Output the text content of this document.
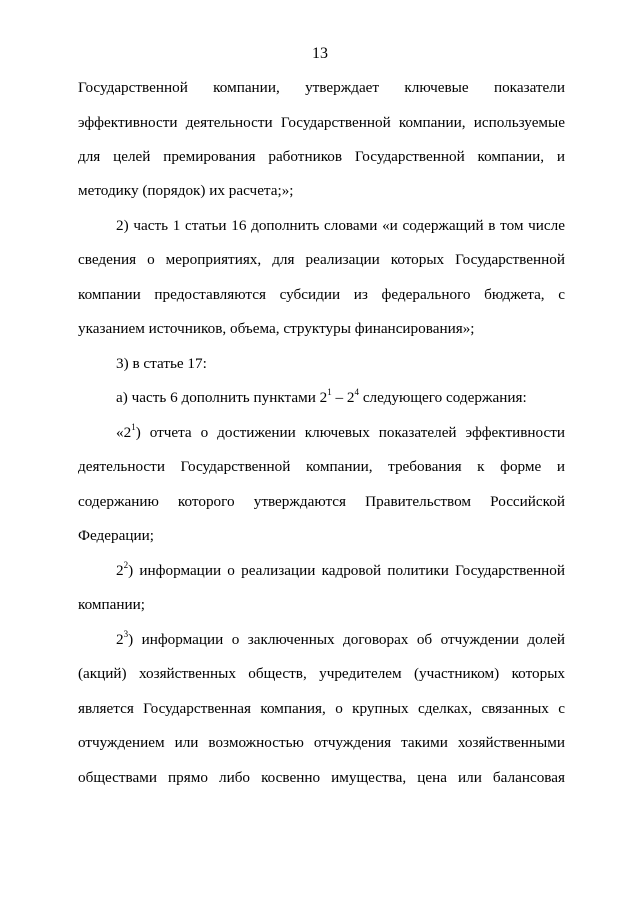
13
Государственной компании, утверждает ключевые показатели
эффективности деятельности Государственной компании, используемые
для целей премирования работников Государственной компании, и
методику (порядок) их расчета;»;
2) часть 1 статьи 16 дополнить словами «и содержащий в том числе
сведения о мероприятиях, для реализации которых Государственной
компании предоставляются субсидии из федерального бюджета, с
указанием источников, объема, структуры финансирования»;
3) в статье 17:
а) часть 6 дополнить пунктами $2^1 - 2^4$ следующего содержания:
«$2^1$) отчета о достижении ключевых показателей эффективности
деятельности Государственной компании, требования к форме и
содержанию которого утверждаются Правительством Российской
Федерации;
$2^2$) информации о реализации кадровой политики Государственной
компании;
$2^3$) информации о заключенных договорах об отчуждении долей
(акций) хозяйственных обществ, учредителем (участником) которых
является Государственная компания, о крупных сделках, связанных с
отчуждением или возможностью отчуждения такими хозяйственными
обществами прямо либо косвенно имущества, цена или балансовая
